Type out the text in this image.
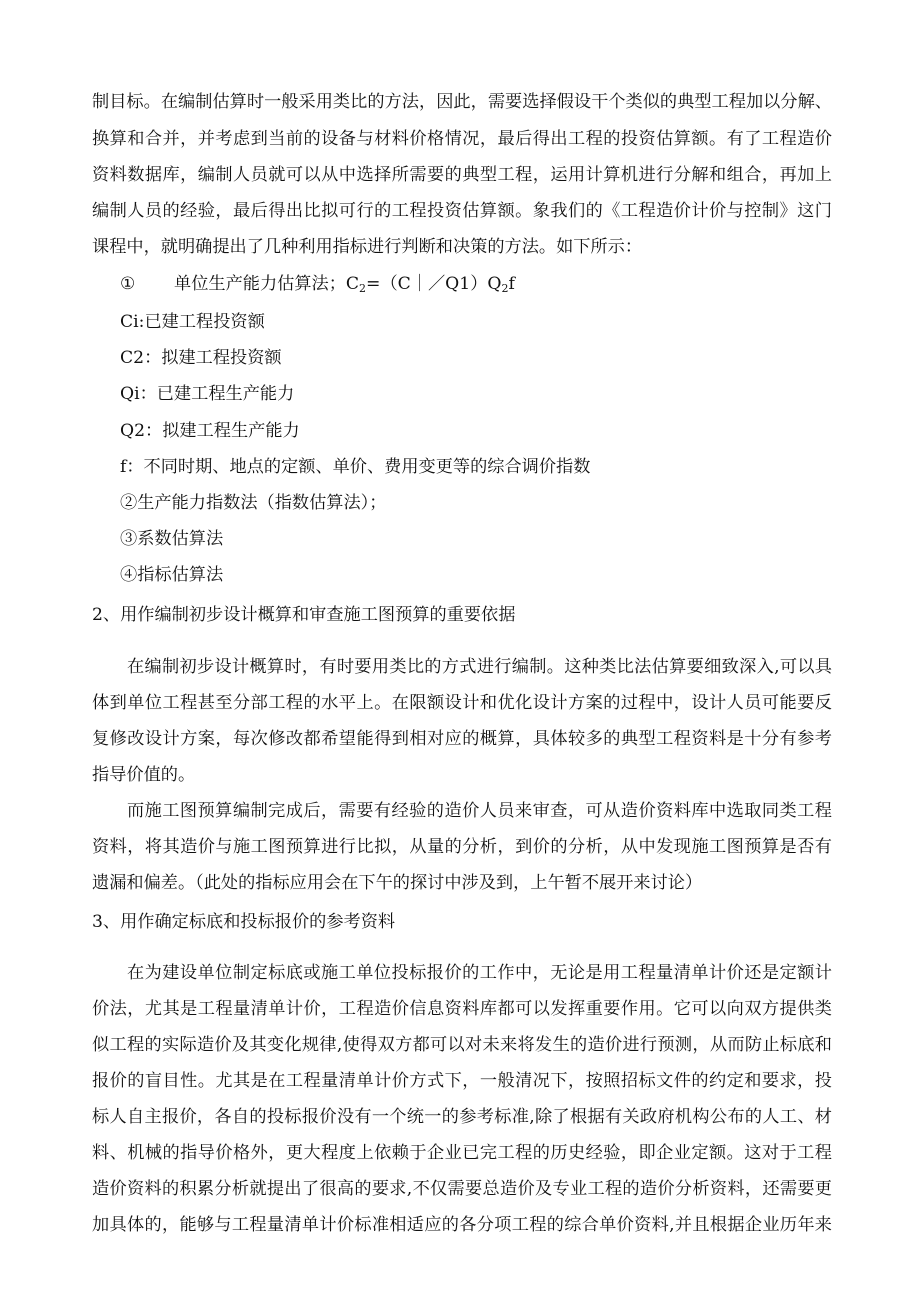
制目标。在编制估算时一般采用类比的方法，因此，需要选择假设干个类似的典型工程加以分解、
换算和合并，并考虑到当前的设备与材料价格情况，最后得出工程的投资估算额。有了工程造价
资料数据库，编制人员就可以从中选择所需要的典型工程，运用计算机进行分解和组合，再加上
编制人员的经验，最后得出比拟可行的工程投资估算额。象我们的《工程造价计价与控制》这门
课程中，就明确提出了几种利用指标进行判断和决策的方法。如下所示：
① 单位生产能力估算法；$C_2=(C|/Q1)Q_2f$
Ci:已建工程投资额
C2：拟建工程投资额
Qi：已建工程生产能力
Q2：拟建工程生产能力
f：不同时期、地点的定额、单价、费用变更等的综合调价指数
②生产能力指数法（指数估算法）；
③系数估算法
④指标估算法
2、用作编制初步设计概算和审查施工图预算的重要依据
在编制初步设计概算时，有时要用类比的方式进行编制。这种类比法估算要细致深入,可以具
体到单位工程甚至分部工程的水平上。在限额设计和优化设计方案的过程中，设计人员可能要反
复修改设计方案，每次修改都希望能得到相对应的概算，具体较多的典型工程资料是十分有参考
指导价值的。
而施工图预算编制完成后，需要有经验的造价人员来审查，可从造价资料库中选取同类工程
资料，将其造价与施工图预算进行比拟，从量的分析，到价的分析，从中发现施工图预算是否有
遗漏和偏差。（此处的指标应用会在下午的探讨中涉及到，上午暂不展开来讨论）
3、用作确定标底和投标报价的参考资料
在为建设单位制定标底或施工单位投标报价的工作中，无论是用工程量清单计价还是定额计
价法，尤其是工程量清单计价，工程造价信息资料库都可以发挥重要作用。它可以向双方提供类
似工程的实际造价及其变化规律,使得双方都可以对未来将发生的造价进行预测，从而防止标底和
报价的盲目性。尤其是在工程量清单计价方式下，一般清况下，按照招标文件的约定和要求，投
标人自主报价，各自的投标报价没有一个统一的参考标准,除了根据有关政府机构公布的人工、材
料、机械的指导价格外，更大程度上依赖于企业已完工程的历史经验，即企业定额。这对于工程
造价资料的积累分析就提出了很高的要求,不仅需要总造价及专业工程的造价分析资料，还需要更
加具体的，能够与工程量清单计价标准相适应的各分项工程的综合单价资料,并且根据企业历年来
